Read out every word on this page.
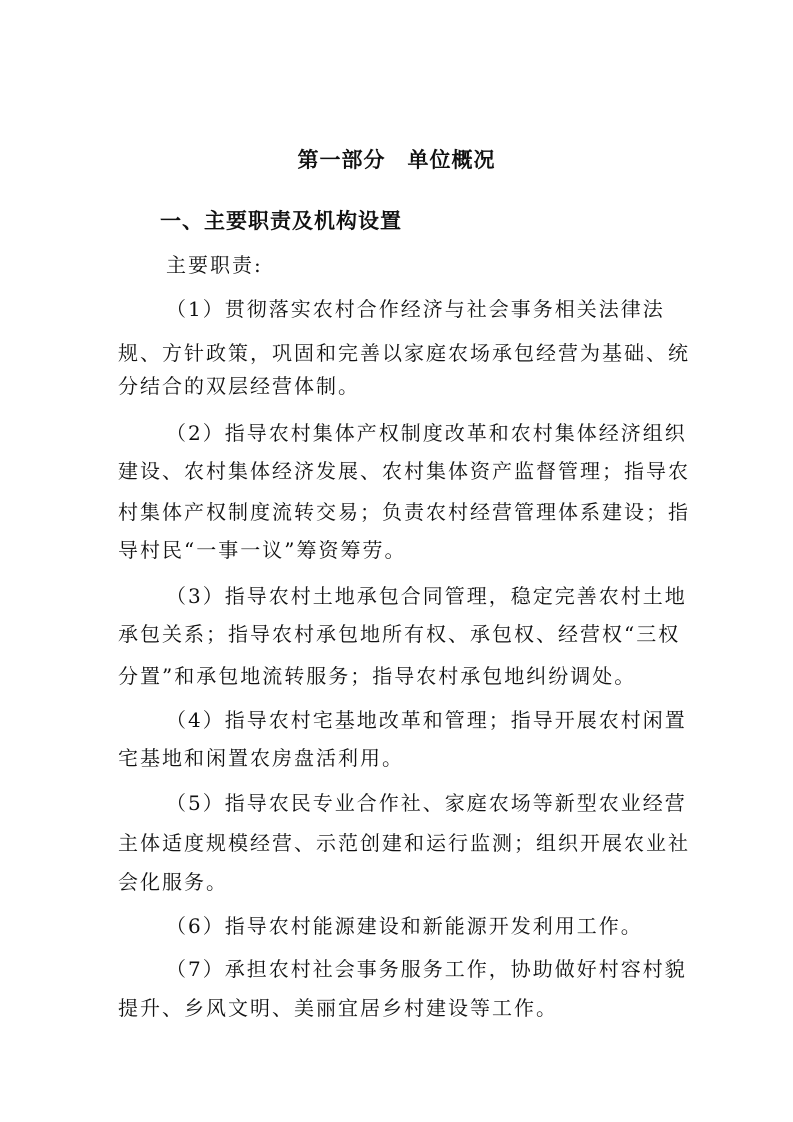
第一部分　单位概况
一、主要职责及机构设置
主要职责:
（1）贯彻落实农村合作经济与社会事务相关法律法
规、方针政策，巩固和完善以家庭农场承包经营为基础、统
分结合的双层经营体制。
（2）指导农村集体产权制度改革和农村集体经济组织
建设、农村集体经济发展、农村集体资产监督管理；指导农
村集体产权制度流转交易；负责农村经营管理体系建设；指
导村民“一事一议”筹资筹劳。
（3）指导农村土地承包合同管理，稳定完善农村土地
承包关系；指导农村承包地所有权、承包权、经营权“三权
分置”和承包地流转服务；指导农村承包地纠纷调处。
（4）指导农村宅基地改革和管理；指导开展农村闲置
宅基地和闲置农房盘活利用。
（5）指导农民专业合作社、家庭农场等新型农业经营
主体适度规模经营、示范创建和运行监测；组织开展农业社
会化服务。
（6）指导农村能源建设和新能源开发利用工作。
（7）承担农村社会事务服务工作，协助做好村容村貌
提升、乡风文明、美丽宜居乡村建设等工作。
